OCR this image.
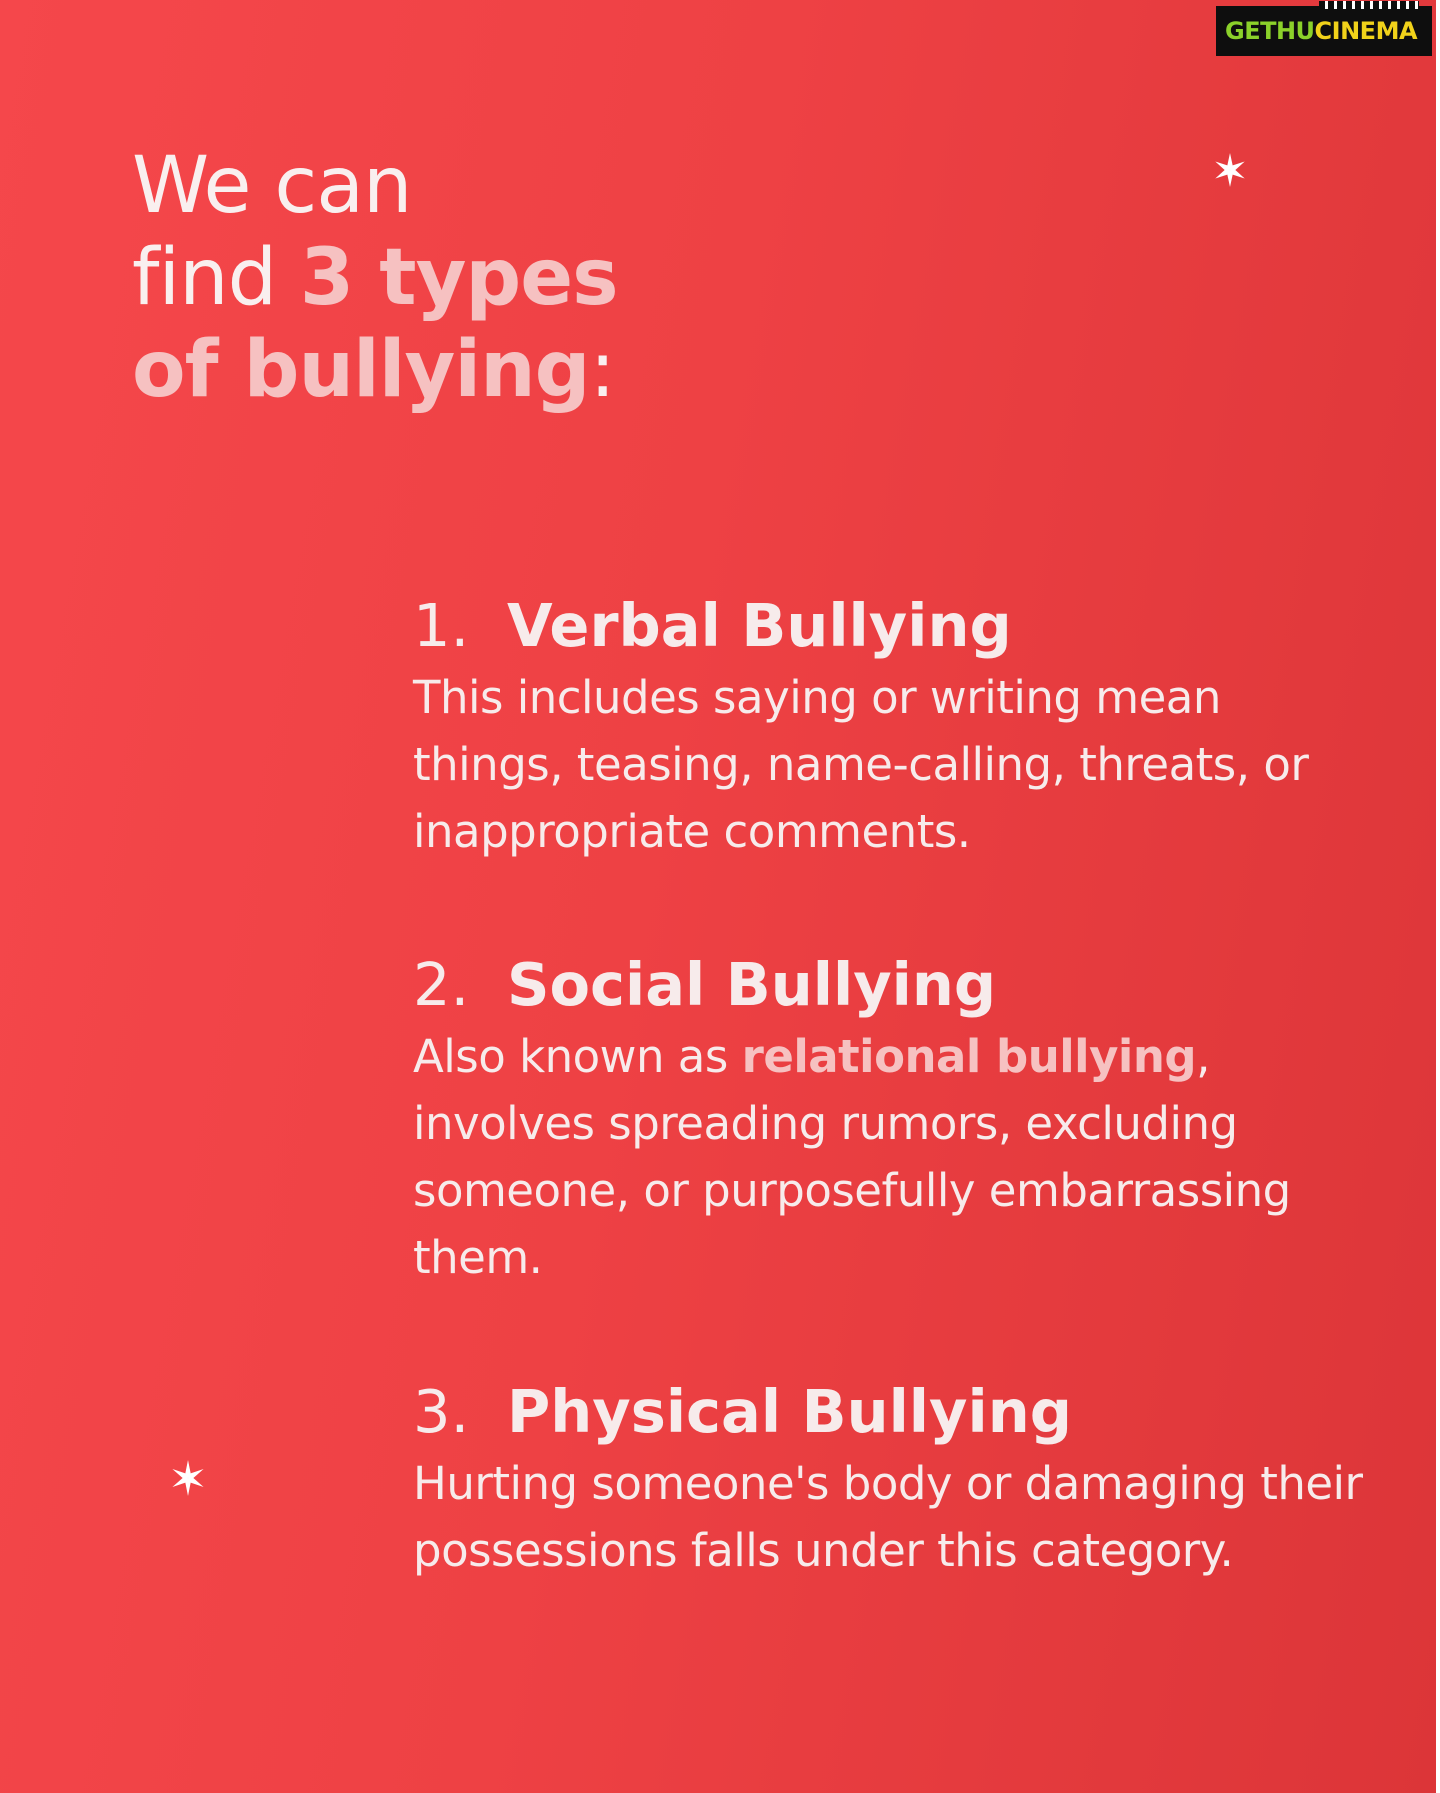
GETHU CINEMA
We can
find 3 types
of bullying:
1. Verbal Bullying

This includes saying or writing mean things, teasing, name-calling, threats, or inappropriate comments.

2. Social Bullying

Also known as relational bullying, involves spreading rumors, excluding someone, or purposefully embarrassing them.

3. Physical Bullying

Hurting someone's body or damaging their possessions falls under this category.
